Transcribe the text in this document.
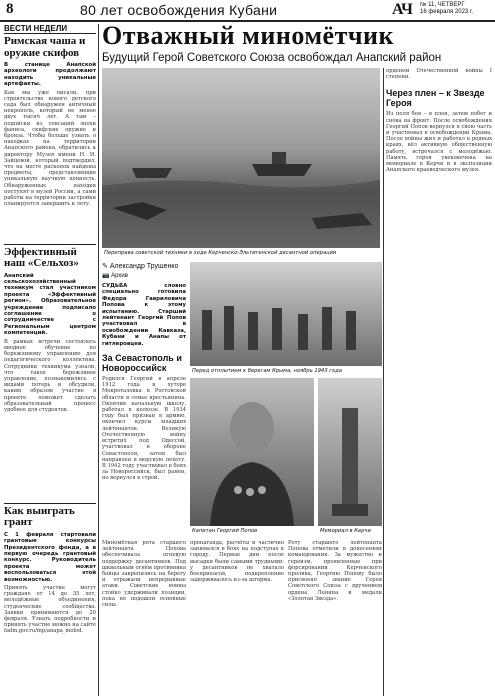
8	80 лет освобождения Кубани	АЧ № 11, ЧЕТВЕРГ
16 февраля 2023 г.
ВЕСТИ НЕДЕЛИ
Римская чаша и оружие скифов
В станице Анапской археологи продолжают находить уникальные артефакты.
Как мы уже писали, при строительстве нового детского сада был обнаружен античный некрополь, который не менее двух тысяч лет. А там – подписки из сенсаций эпохи фаниса, скифские оружие и бронза. Чтобы больше узнать о находках на территории Анапского района, обратились к директору Музея имени Н. И. Зайцевой, который подтвердил, что на месте раскопок найдены предметы, представляющие уникальную научную ценность. Обнаруженные находки поступят в музей России, а сами работы на территории застройки планируется завершить к лету.
Эффективный наш «Сельхоз»
Анапский сельскохозяйственный техникум стал участником проекта «Эффективный регион». Образовательное учреждение подписало соглашение о сотрудничестве с Региональным центром компетенций.
В рамках встречи состоялось вводное обучение по бережливому управлению для педагогического коллектива. Сотрудники техникума узнали, что такое бережливое управление, познакомились с видами потерь и обсудили, каким образом участие в проекте поможет сделать образовательный процесс удобнее для студентов.
Как выиграть грант
С 1 февраля стартовали грантовые конкурсы Президентского фонда, а в первую очередь грантовый конкурс. Руководитель проекта может воспользоваться этой возможностью.
Принять участие могут граждане от 14 до 35 лет, молодёжные объединения, студенческие сообщества. Заявки принимаются до 20 февраля. Узнать подробности и принять участие можно на сайте fadm.gov.ru/mp/anapa_molod.
Отважный миномётчик
Будущий Герой Советского Союза освобождал Анапский район
Переправа советской техники в ходе Керченско-Эльтигенской десантной операции
орденом Отечественной войны I степени.
Через плен – к Звезде Героя
Из поля боя – в плен, затем побег и снова на фронт. После освобождения Георгий Попов вернулся в свою часть и участвовал в освобождении Крыма. После войны жил и работал в родных краях, вёл активную общественную работу, встречался с молодёжью. Память героя увековечена на мемориале в Керчи и в экспозиции Анапского краеведческого музея.
✎ Александр Трушенко
📷 Архив
СУДЬБА словно специально готовила Федора Гавриловича Попова к этому испытанию. Старший лейтенант Георгий Попов участвовал в освобождении Кавказа, Кубани и Анапы от гитлеровцев.
За Севастополь и Новороссийск
Родился Георгий в апреле 1912 года в хуторе Мокроталовка в Ростовской области в семье крестьянина. Окончив начальную школу, работал в колхозе. В 1934 году был призван в армию, окончил курсы младших лейтенантов. Великую Отечественную войну встретил под Одессой, участвовал в обороне Севастополя, затем был направлен в морскую пехоту. В 1942 году участвовал в боях за Новороссийск, был ранен, но вернулся в строй.
Перед отплытием к берегам Крыма, ноябрь 1943 года
Капитан Георгий Попов	Мемориал в Керчи
пропаганда, расчёты и частично занимался в боях на подступах к городу. Первые дни после высадки были самыми трудными: у десантников не хватало боеприпасов, подкрепление задерживалось из-за шторма.
Роту старшего лейтенанта Попова отметили в донесениях командования. За мужество и героизм, проявленные при форсировании Керченского пролива, Георгию Попову было присвоено звание Героя Советского Союза с вручением ордена Ленина и медали «Золотая Звезда».
Миномётная рота старшего лейтенанта Попова обеспечивала огневую поддержку десантников. Под шквальным огнём противника бойцы закрепились на берегу и отражали непрерывные атаки. Советские воины стойко удерживали позиции, пока не подошли основные силы.
